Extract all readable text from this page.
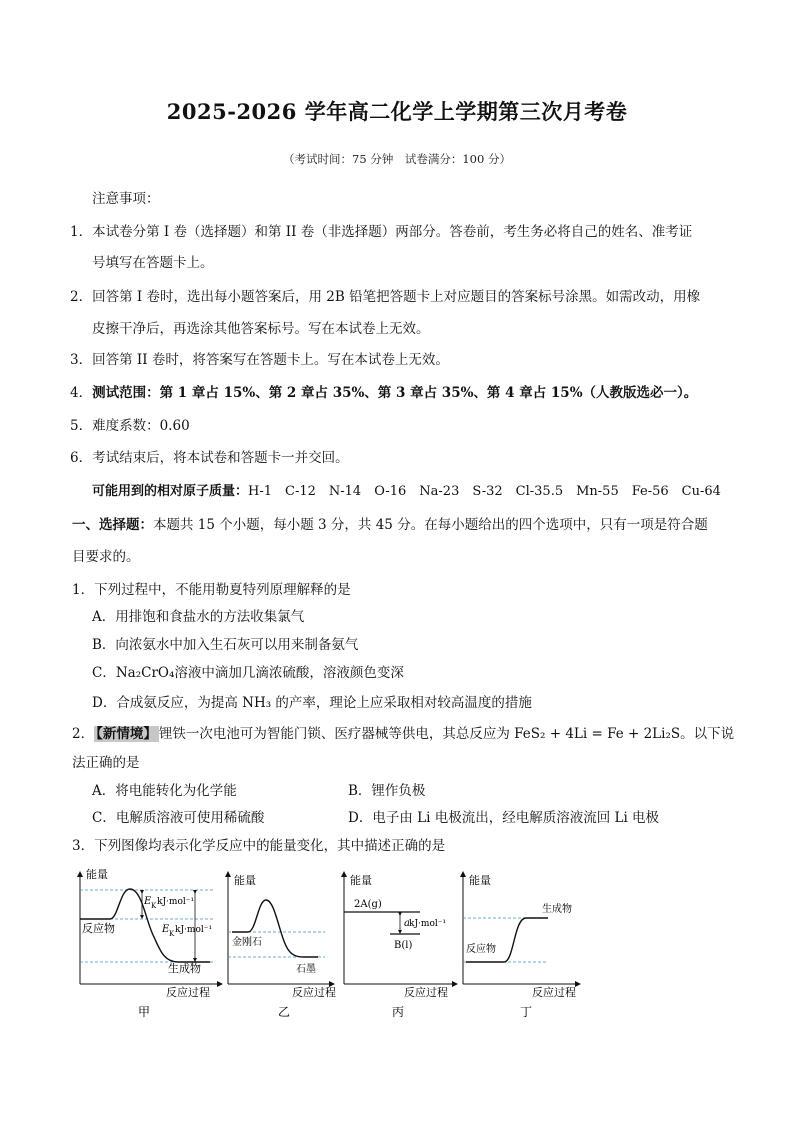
2025-2026 学年高二化学上学期第三次月考卷
（考试时间：75 分钟　试卷满分：100 分）
注意事项：
1．本试卷分第 I 卷（选择题）和第 II 卷（非选择题）两部分。答卷前，考生务必将自己的姓名、准考证
号填写在答题卡上。
2．回答第 I 卷时，选出每小题答案后，用 2B 铅笔把答题卡上对应题目的答案标号涂黑。如需改动，用橡
皮擦干净后，再选涂其他答案标号。写在本试卷上无效。
3．回答第 II 卷时，将答案写在答题卡上。写在本试卷上无效。
4．测试范围：第 1 章占 15%、第 2 章占 35%、第 3 章占 35%、第 4 章占 15%（人教版选必一）。
5．难度系数：0.60
6．考试结束后，将本试卷和答题卡一并交回。
可能用到的相对原子质量：H-1　C-12　N-14　O-16　Na-23　S-32　Cl-35.5　Mn-55　Fe-56　Cu-64
一、选择题：本题共 15 个小题，每小题 3 分，共 45 分。在每小题给出的四个选项中，只有一项是符合题
目要求的。
1．下列过程中，不能用勒夏特列原理解释的是
A．用排饱和食盐水的方法收集氯气
B．向浓氨水中加入生石灰可以用来制备氨气
C．Na₂CrO₄溶液中滴加几滴浓硫酸，溶液颜色变深
D．合成氨反应，为提高 NH₃ 的产率，理论上应采取相对较高温度的措施
2． 【新情境】 锂铁一次电池可为智能门锁、医疗器械等供电，其总反应为 FeS₂ + 4Li = Fe + 2Li₂S。以下说
法正确的是
A．将电能转化为化学能	B．锂作负极
C．电解质溶液可使用稀硫酸	D．电子由 Li 电极流出，经电解质溶液流回 Li 电极
3．下列图像均表示化学反应中的能量变化，其中描述正确的是
能量
反应过程
反应物
生成物
E K kJ·mol⁻¹
E K kJ·mol⁻¹
甲
能量
反应过程
金刚石
石墨
乙
能量
反应过程
2A(g)
a kJ·mol⁻¹
B(l)
丙
能量
反应过程
反应物
生成物
丁
